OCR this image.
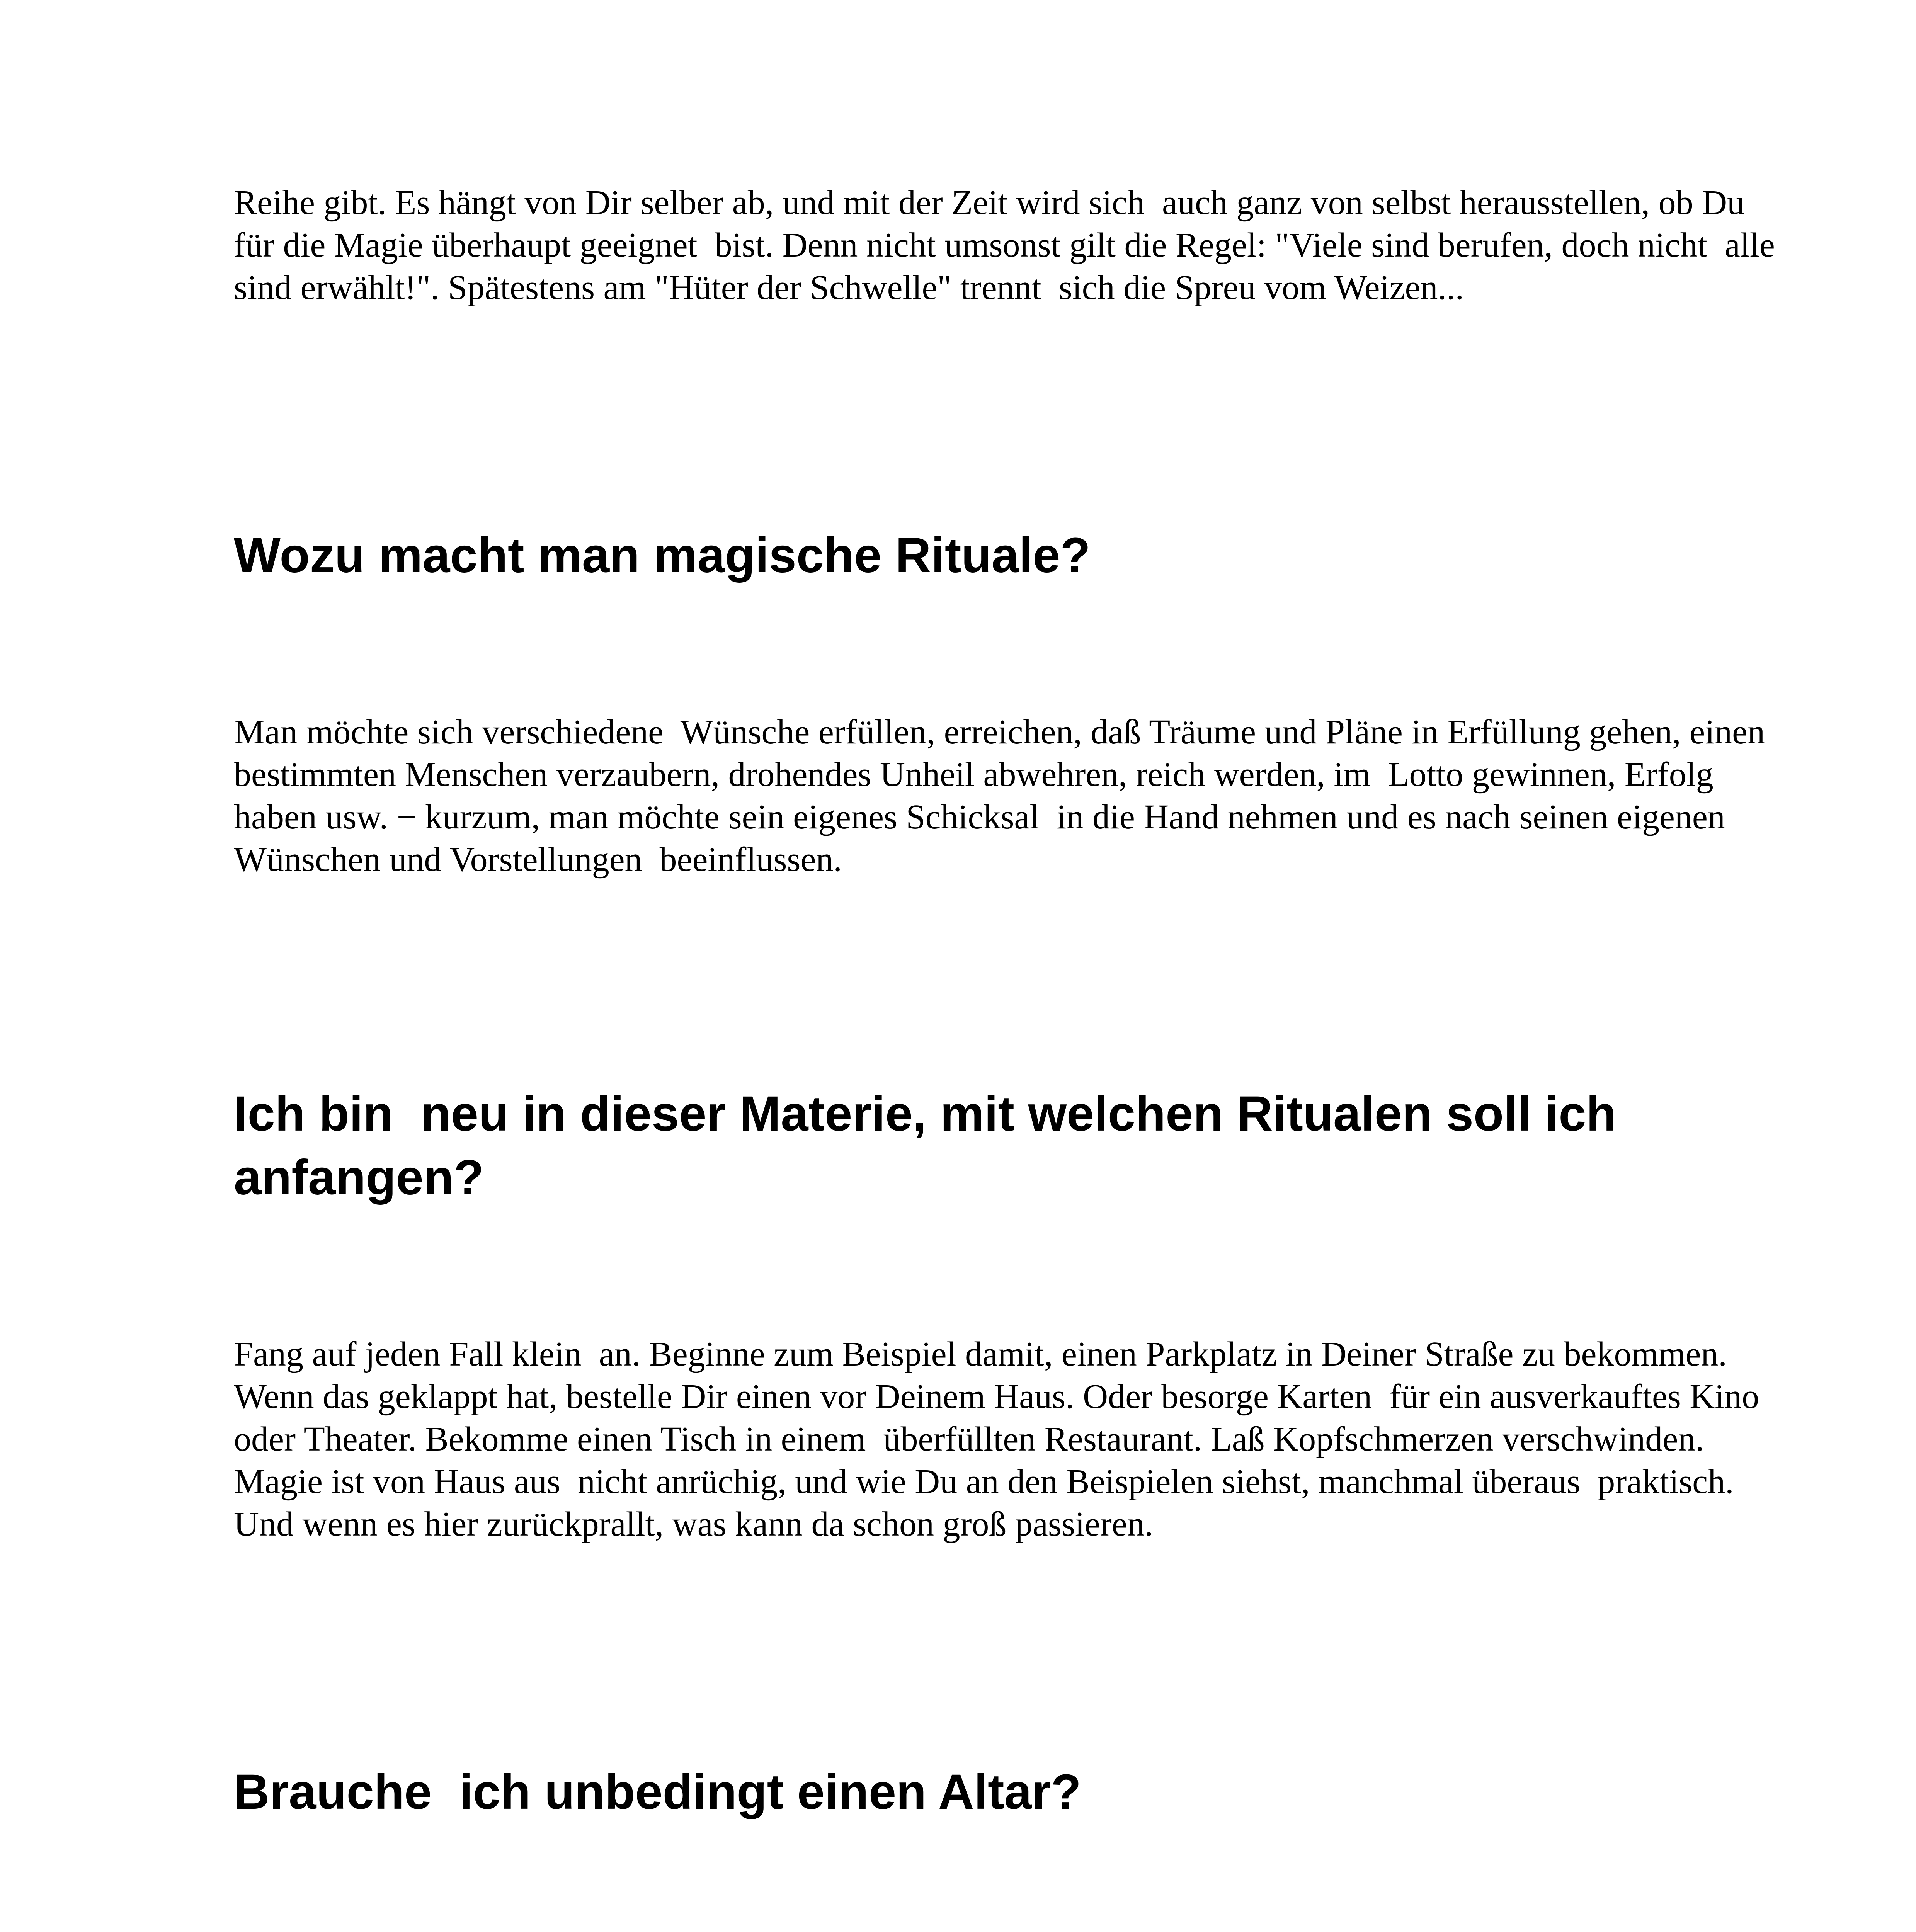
Reihe gibt. Es hängt von Dir selber ab, und mit der Zeit wird sich  auch ganz von selbst herausstellen, ob Du
für die Magie überhaupt geeignet  bist. Denn nicht umsonst gilt die Regel: "Viele sind berufen, doch nicht  alle
sind erwählt!". Spätestens am "Hüter der Schwelle" trennt  sich die Spreu vom Weizen...

Wozu macht man magische Rituale?

Man möchte sich verschiedene  Wünsche erfüllen, erreichen, daß Träume und Pläne in Erfüllung gehen, einen
bestimmten Menschen verzaubern, drohendes Unheil abwehren, reich werden, im  Lotto gewinnen, Erfolg
haben usw. − kurzum, man möchte sein eigenes Schicksal  in die Hand nehmen und es nach seinen eigenen
Wünschen und Vorstellungen  beeinflussen.

Ich bin  neu in dieser Materie, mit welchen Ritualen soll ich
anfangen?

Fang auf jeden Fall klein  an. Beginne zum Beispiel damit, einen Parkplatz in Deiner Straße zu bekommen.
Wenn das geklappt hat, bestelle Dir einen vor Deinem Haus. Oder besorge Karten  für ein ausverkauftes Kino
oder Theater. Bekomme einen Tisch in einem  überfüllten Restaurant. Laß Kopfschmerzen verschwinden.
Magie ist von Haus aus  nicht anrüchig, und wie Du an den Beispielen siehst, manchmal überaus  praktisch.
Und wenn es hier zurückprallt, was kann da schon groß passieren.

Brauche  ich unbedingt einen Altar?
